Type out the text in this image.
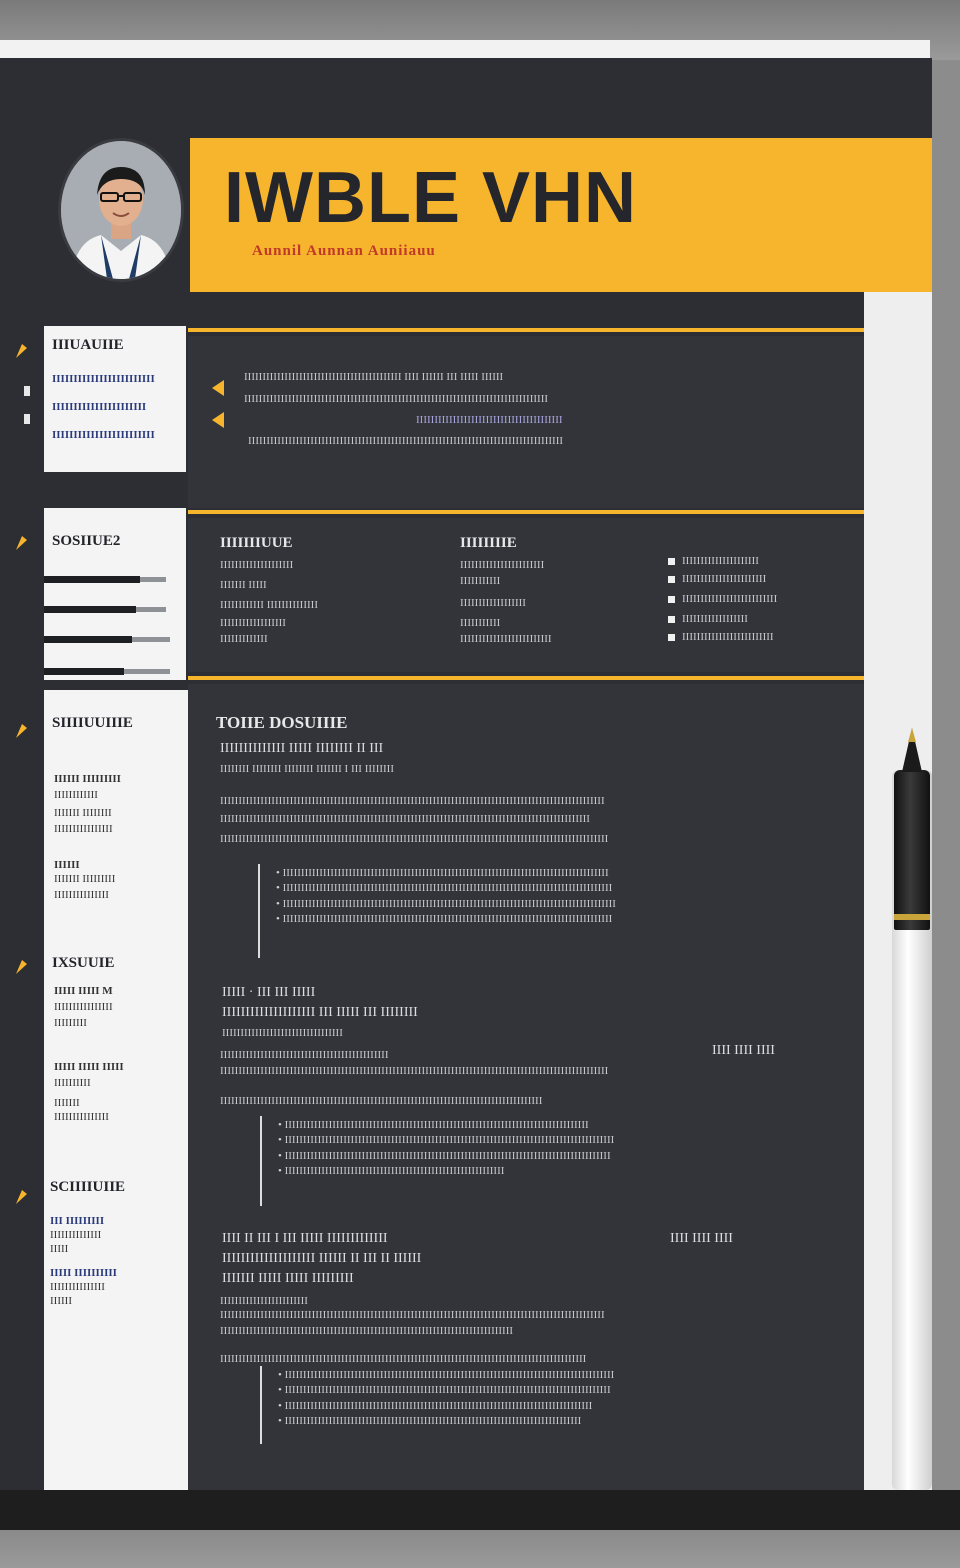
IWBLE VHN

Aunnil Aunnan Auniiauu

IIIUAUIIE
IIIIIIIIIIIIIIIIIIIIIIII
IIIIIIIIIIIIIIIIIIIIII
IIIIIIIIIIIIIIIIIIIIIIII
SOSIIUE2
SIIIIUUIIIE
IIIIII IIIIIIIII
IIIIIIIIIIII
IIIIIII IIIIIIII
IIIIIIIIIIIIIIII
IIIIII
IIIIIII IIIIIIIII
IIIIIIIIIIIIIII
IXSUUIE
IIIII IIIII M
IIIIIIIIIIIIIIII
IIIIIIIII
IIIII IIIII IIIII
IIIIIIIIII
IIIIIII
IIIIIIIIIIIIIII
SCIIIIUIIE
III IIIIIIIII
IIIIIIIIIIIIII
IIIII
IIIII IIIIIIIIII
IIIIIIIIIIIIIII
IIIIII
IIIIIIIIIIIIIIIIIIIIIIIIIIIIIIIIIIIIIIIIIII IIII IIIIII III IIIII IIIIII
IIIIIIIIIIIIIIIIIIIIIIIIIIIIIIIIIIIIIIIIIIIIIIIIIIIIIIIIIIIIIIIIIIIIIIIIIIIIIIIIIII
IIIIIIIIIIIIIIIIIIIIIIIIIIIIIIIIIIIIIIII
IIIIIIIIIIIIIIIIIIIIIIIIIIIIIIIIIIIIIIIIIIIIIIIIIIIIIIIIIIIIIIIIIIIIIIIIIIIIIIIIIIIIII
IIIIIIIUUE
IIIIIIIIIIIIIIIIIIII
IIIIIII IIIII
IIIIIIIIIIII IIIIIIIIIIIIII
IIIIIIIIIIIIIIIIII
IIIIIIIIIIIII
IIIIIIIIE
IIIIIIIIIIIIIIIIIIIIIII
IIIIIIIIIII
IIIIIIIIIIIIIIIIII
IIIIIIIIIII
IIIIIIIIIIIIIIIIIIIIIIIII
IIIIIIIIIIIIIIIIIIIII
IIIIIIIIIIIIIIIIIIIIIII
IIIIIIIIIIIIIIIIIIIIIIIIII
IIIIIIIIIIIIIIIIII
IIIIIIIIIIIIIIIIIIIIIIIII
TOIIE DOSUIIIE
IIIIIIIIIIIIII IIIII IIIIIIII II III
IIIIIIII IIIIIIII IIIIIIII IIIIIII I III IIIIIIII
IIIIIIIIIIIIIIIIIIIIIIIIIIIIIIIIIIIIIIIIIIIIIIIIIIIIIIIIIIIIIIIIIIIIIIIIIIIIIIIIIIIIIIIIIIIIIIIIIIIIIIIII
IIIIIIIIIIIIIIIIIIIIIIIIIIIIIIIIIIIIIIIIIIIIIIIIIIIIIIIIIIIIIIIIIIIIIIIIIIIIIIIIIIIIIIIIIIIIIIIIIIIII
IIIIIIIIIIIIIIIIIIIIIIIIIIIIIIIIIIIIIIIIIIIIIIIIIIIIIIIIIIIIIIIIIIIIIIIIIIIIIIIIIIIIIIIIIIIIIIIIIIIIIIIIII
• IIIIIIIIIIIIIIIIIIIIIIIIIIIIIIIIIIIIIIIIIIIIIIIIIIIIIIIIIIIIIIIIIIIIIIIIIIIIIIIIIIIIIIIII
• IIIIIIIIIIIIIIIIIIIIIIIIIIIIIIIIIIIIIIIIIIIIIIIIIIIIIIIIIIIIIIIIIIIIIIIIIIIIIIIIIIIIIIIIII
• IIIIIIIIIIIIIIIIIIIIIIIIIIIIIIIIIIIIIIIIIIIIIIIIIIIIIIIIIIIIIIIIIIIIIIIIIIIIIIIIIIIIIIIIIII
• IIIIIIIIIIIIIIIIIIIIIIIIIIIIIIIIIIIIIIIIIIIIIIIIIIIIIIIIIIIIIIIIIIIIIIIIIIIIIIIIIIIIIIIIII
IIIII · III III IIIII
IIIIIIIIIIIIIIIIIIII III IIIII III IIIIIIII
IIIIIIIIIIIIIIIIIIIIIIIIIIIIIIIII
IIII IIII IIII
IIIIIIIIIIIIIIIIIIIIIIIIIIIIIIIIIIIIIIIIIIIIII
IIIIIIIIIIIIIIIIIIIIIIIIIIIIIIIIIIIIIIIIIIIIIIIIIIIIIIIIIIIIIIIIIIIIIIIIIIIIIIIIIIIIIIIIIIIIIIIIIIIIIIIIII
IIIIIIIIIIIIIIIIIIIIIIIIIIIIIIIIIIIIIIIIIIIIIIIIIIIIIIIIIIIIIIIIIIIIIIIIIIIIIIIIIIIIIIII
• IIIIIIIIIIIIIIIIIIIIIIIIIIIIIIIIIIIIIIIIIIIIIIIIIIIIIIIIIIIIIIIIIIIIIIIIIIIIIIIIIII
• IIIIIIIIIIIIIIIIIIIIIIIIIIIIIIIIIIIIIIIIIIIIIIIIIIIIIIIIIIIIIIIIIIIIIIIIIIIIIIIIIIIIIIIIII
• IIIIIIIIIIIIIIIIIIIIIIIIIIIIIIIIIIIIIIIIIIIIIIIIIIIIIIIIIIIIIIIIIIIIIIIIIIIIIIIIIIIIIIIII
• IIIIIIIIIIIIIIIIIIIIIIIIIIIIIIIIIIIIIIIIIIIIIIIIIIIIIIIIIIII
IIII II III I III IIIII IIIIIIIIIIIII	IIII IIII IIII
IIIIIIIIIIIIIIIIIIII IIIIII II III II IIIIII
IIIIIII IIIII IIIII IIIIIIIII
IIIIIIIIIIIIIIIIIIIIIIII
IIIIIIIIIIIIIIIIIIIIIIIIIIIIIIIIIIIIIIIIIIIIIIIIIIIIIIIIIIIIIIIIIIIIIIIIIIIIIIIIIIIIIIIIIIIIIIIIIIIIIIIII
IIIIIIIIIIIIIIIIIIIIIIIIIIIIIIIIIIIIIIIIIIIIIIIIIIIIIIIIIIIIIIIIIIIIIIIIIIIIIIII
IIIIIIIIIIIIIIIIIIIIIIIIIIIIIIIIIIIIIIIIIIIIIIIIIIIIIIIIIIIIIIIIIIIIIIIIIIIIIIIIIIIIIIIIIIIIIIIIIIII
• IIIIIIIIIIIIIIIIIIIIIIIIIIIIIIIIIIIIIIIIIIIIIIIIIIIIIIIIIIIIIIIIIIIIIIIIIIIIIIIIIIIIIIIIII
• IIIIIIIIIIIIIIIIIIIIIIIIIIIIIIIIIIIIIIIIIIIIIIIIIIIIIIIIIIIIIIIIIIIIIIIIIIIIIIIIIIIIIIIII
• IIIIIIIIIIIIIIIIIIIIIIIIIIIIIIIIIIIIIIIIIIIIIIIIIIIIIIIIIIIIIIIIIIIIIIIIIIIIIIIIIIII
• IIIIIIIIIIIIIIIIIIIIIIIIIIIIIIIIIIIIIIIIIIIIIIIIIIIIIIIIIIIIIIIIIIIIIIIIIIIIIIIII
